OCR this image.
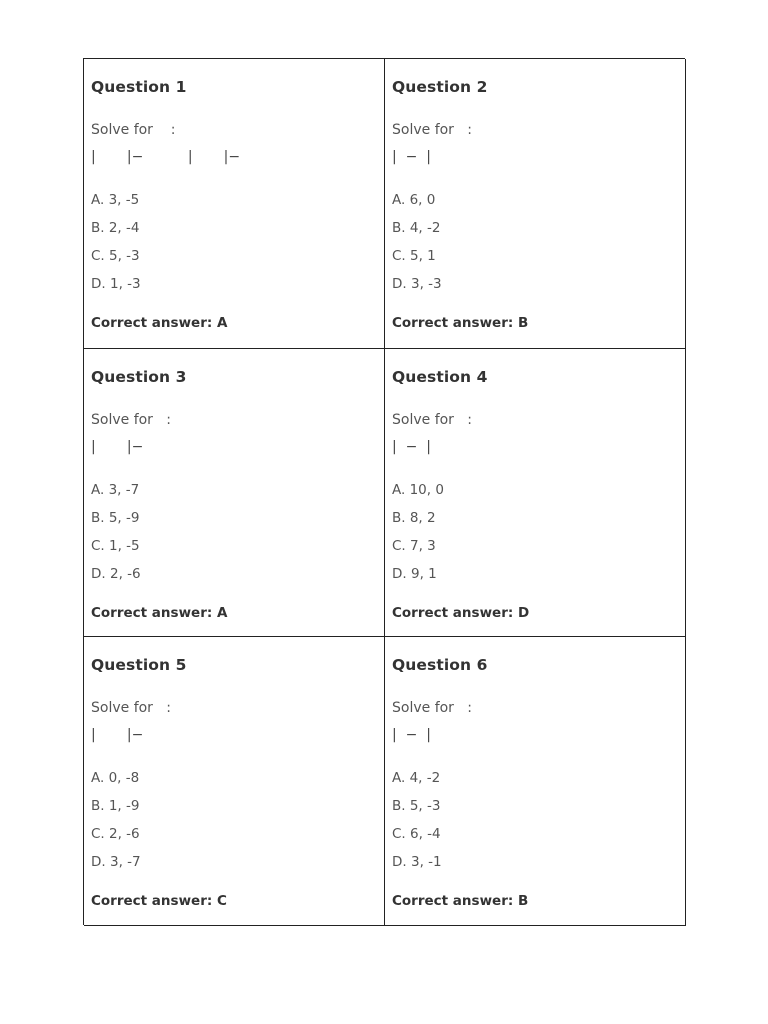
Question 1
Solve for    :
|       |−          |       |−
A. 3, -5
B. 2, -4
C. 5, -3
D. 1, -3
Correct answer: A
Question 2
Solve for   :
|  −  |
A. 6, 0
B. 4, -2
C. 5, 1
D. 3, -3
Correct answer: B
Question 3
Solve for   :
|       |−
A. 3, -7
B. 5, -9
C. 1, -5
D. 2, -6
Correct answer: A
Question 4
Solve for   :
|  −  |
A. 10, 0
B. 8, 2
C. 7, 3
D. 9, 1
Correct answer: D
Question 5
Solve for   :
|       |−
A. 0, -8
B. 1, -9
C. 2, -6
D. 3, -7
Correct answer: C
Question 6
Solve for   :
|  −  |
A. 4, -2
B. 5, -3
C. 6, -4
D. 3, -1
Correct answer: B
